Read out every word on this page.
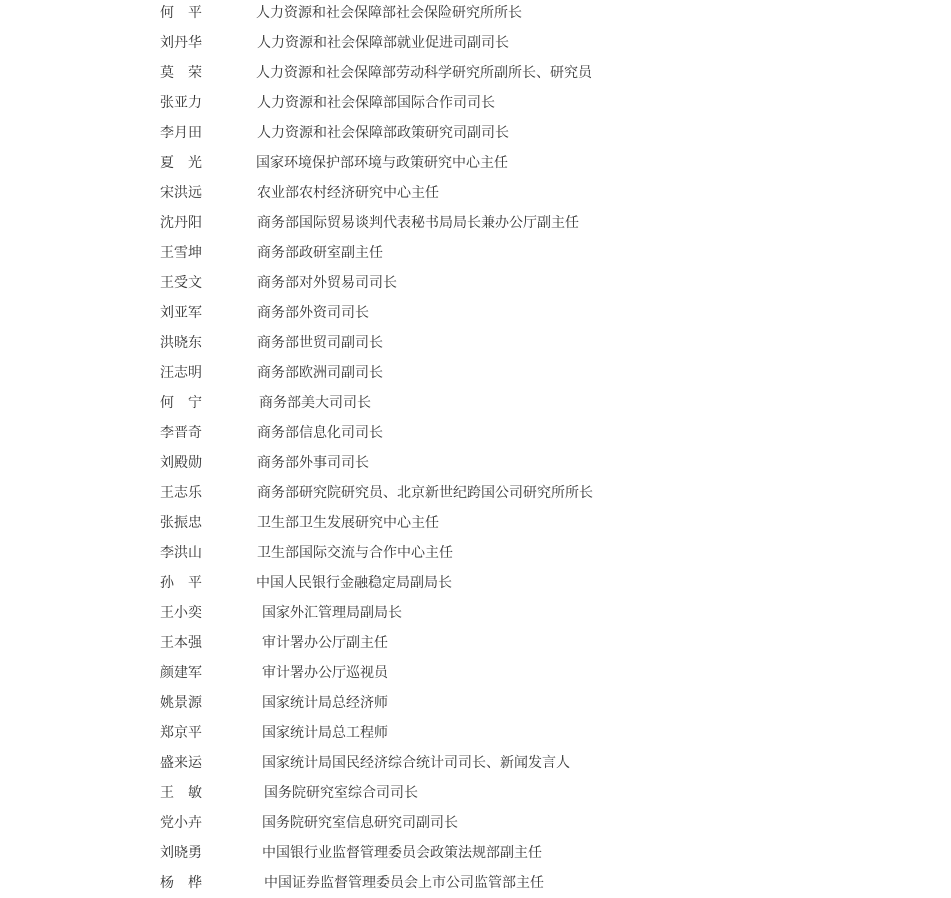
何　平	人力资源和社会保障部社会保险研究所所长
刘丹华	人力资源和社会保障部就业促进司副司长
莫　荣	人力资源和社会保障部劳动科学研究所副所长、研究员
张亚力	人力资源和社会保障部国际合作司司长
李月田	人力资源和社会保障部政策研究司副司长
夏　光	国家环境保护部环境与政策研究中心主任
宋洪远	农业部农村经济研究中心主任
沈丹阳	商务部国际贸易谈判代表秘书局局长兼办公厅副主任
王雪坤	商务部政研室副主任
王受文	商务部对外贸易司司长
刘亚军	商务部外资司司长
洪晓东	商务部世贸司副司长
汪志明	商务部欧洲司副司长
何　宁	商务部美大司司长
李晋奇	商务部信息化司司长
刘殿勋	商务部外事司司长
王志乐	商务部研究院研究员、北京新世纪跨国公司研究所所长
张振忠	卫生部卫生发展研究中心主任
李洪山	卫生部国际交流与合作中心主任
孙　平	中国人民银行金融稳定局副局长
王小奕	国家外汇管理局副局长
王本强	审计署办公厅副主任
颜建军	审计署办公厅巡视员
姚景源	国家统计局总经济师
郑京平	国家统计局总工程师
盛来运	国家统计局国民经济综合统计司司长、新闻发言人
王　敏	国务院研究室综合司司长
党小卉	国务院研究室信息研究司副司长
刘晓勇	中国银行业监督管理委员会政策法规部副主任
杨　桦	中国证券监督管理委员会上市公司监管部主任
